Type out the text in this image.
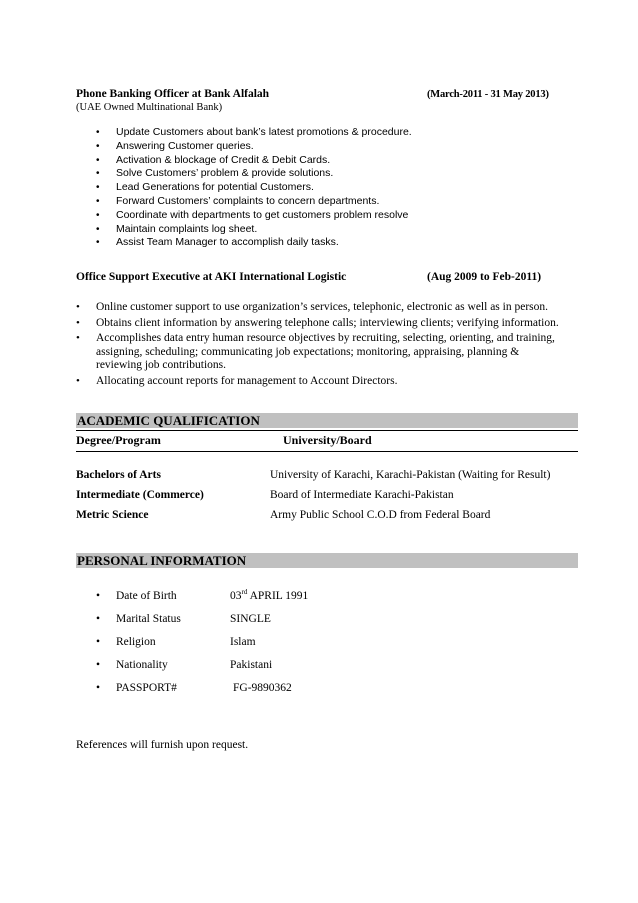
Phone Banking Officer at Bank Alfalah	(March-2011 - 31 May 2013)
(UAE Owned Multinational Bank)
• Update Customers about bank’s latest promotions & procedure.
• Answering Customer queries.
• Activation & blockage of Credit & Debit Cards.
• Solve Customers’ problem & provide solutions.
• Lead Generations for potential Customers.
• Forward Customers’ complaints to concern departments.
• Coordinate with departments to get customers problem resolve
• Maintain complaints log sheet.
• Assist Team Manager to accomplish daily tasks.
Office Support Executive at AKI International Logistic	(Aug 2009 to Feb-2011)
• Online customer support to use organization’s services, telephonic, electronic as well as in person.
• Obtains client information by answering telephone calls; interviewing clients; verifying information.
• Accomplishes data entry human resource objectives by recruiting, selecting, orienting, and training,
assigning, scheduling; communicating job expectations; monitoring, appraising, planning &
reviewing job contributions.
• Allocating account reports for management to Account Directors.
ACADEMIC QUALIFICATION
Degree/Program	University/Board
Bachelors of Arts	University of Karachi, Karachi-Pakistan (Waiting for Result)
Intermediate (Commerce)	Board of Intermediate Karachi-Pakistan
Metric Science	Army Public School C.O.D from Federal Board
PERSONAL INFORMATION
• Date of Birth	03rd APRIL 1991
• Marital Status	SINGLE
• Religion	Islam
• Nationality	Pakistani
• PASSPORT#	FG-9890362
References will furnish upon request.
